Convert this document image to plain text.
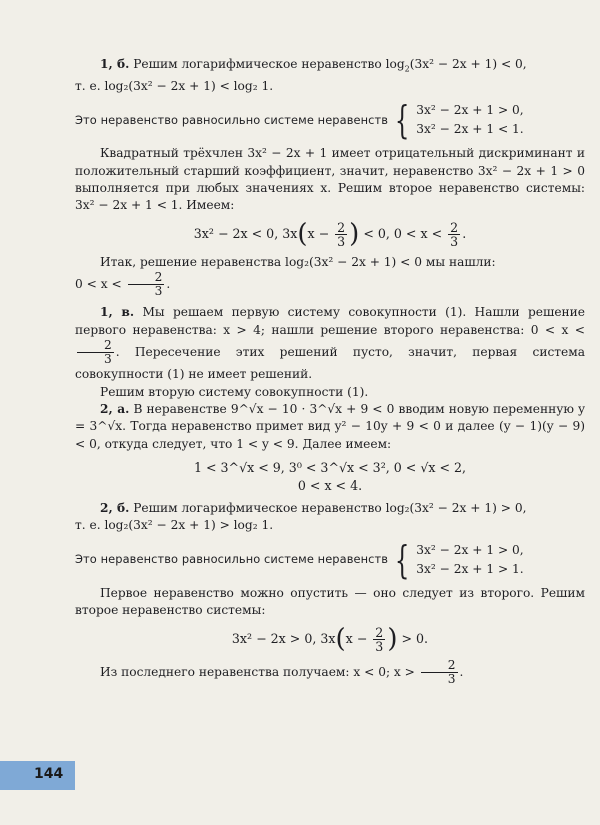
144

1, б. Решим логарифмическое неравенство $\log_2(3x^2 - 2x + 1) < 0$,
т. е. log₂(3x² − 2x + 1) < log₂ 1.

Это неравенство равносильно системе неравенств { 3x² − 2x + 1 > 0,
3x² − 2x + 1 < 1.

Квадратный трёхчлен 3x² − 2x + 1 имеет отрицательный дискриминант и положительный старший коэффициент, значит, неравенство 3x² − 2x + 1 > 0 выполняется при любых значениях x. Решим второе неравенство системы: 3x² − 2x + 1 < 1. Имеем:

3x² − 2x < 0, $3x(x - \frac{2}{3}$ ) < 0, $0 < x < \frac{2}{3}$ .

Итак, решение неравенства log₂(3x² − 2x + 1) < 0 мы нашли:
$0 < x < \frac{2}{3}$ .

1, в. Мы решаем первую систему совокупности (1). Нашли решение первого неравенства: x > 4; нашли решение второго неравенства: 0 < x <
$\frac{2}{3}$ . Пересечение этих решений пусто, значит, первая система совокупности (1) не имеет решений.

Решим вторую систему совокупности (1).

2, а. В неравенстве 9^√x − 10 · 3^√x + 9 < 0 вводим новую переменную y = 3^√x. Тогда неравенство примет вид y² − 10y + 9 < 0 и далее (y − 1)(y − 9) < 0, откуда следует, что 1 < y < 9. Далее имеем:

1 < 3^√x < 9, 3⁰ < 3^√x < 3², 0 < √x < 2,
0 < x < 4.

2, б. Решим логарифмическое неравенство log₂(3x² − 2x + 1) > 0,
т. е. log₂(3x² − 2x + 1) > log₂ 1.

Это неравенство равносильно системе неравенств { 3x² − 2x + 1 > 0,
3x² − 2x + 1 > 1.

Первое неравенство можно опустить — оно следует из второго. Решим второе неравенство системы:

3x² − 2x > 0, $3x(x - \frac{2}{3}$ ) > 0.

Из последнего неравенства получаем: x < 0; $x > \frac{2}{3}$ .
